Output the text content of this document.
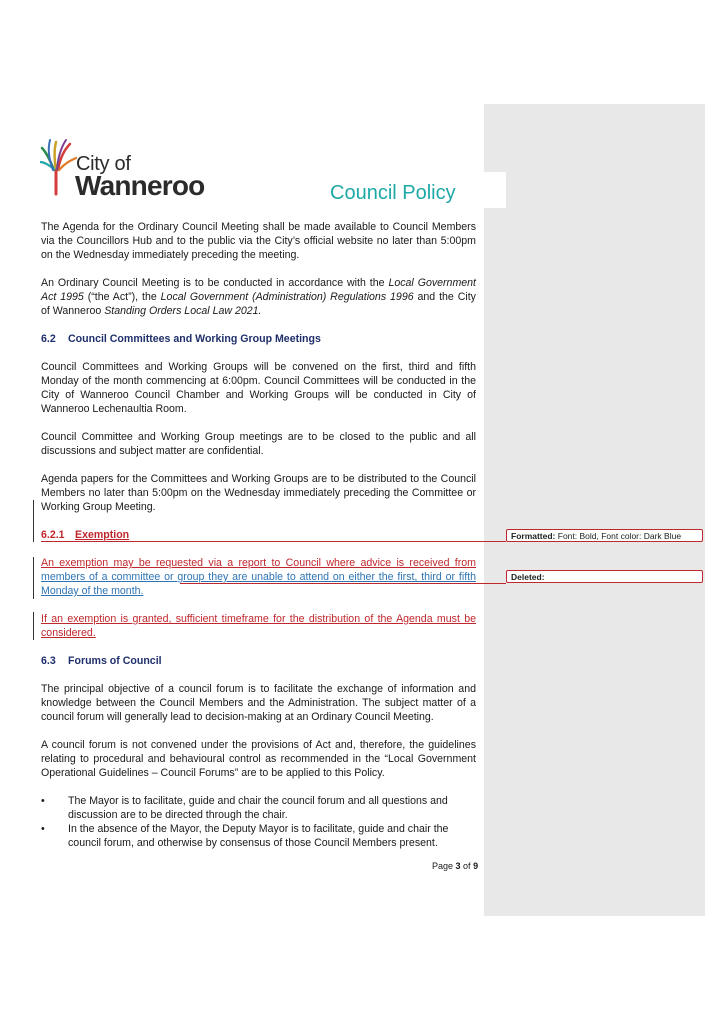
City of
Wanneroo	Council Policy

The Agenda for the Ordinary Council Meeting shall be made available to Council Members via the Councillors Hub and to the public via the City’s official website no later than 5:00pm on the Wednesday immediately preceding the meeting.

An Ordinary Council Meeting is to be conducted in accordance with the Local Government Act 1995 (“the Act”), the Local Government (Administration) Regulations 1996 and the City of Wanneroo Standing Orders Local Law 2021.

6.2 Council Committees and Working Group Meetings

Council Committees and Working Groups will be convened on the first, third and fifth Monday of the month commencing at 6:00pm. Council Committees will be conducted in the City of Wanneroo Council Chamber and Working Groups will be conducted in City of Wanneroo Lechenaultia Room.

Council Committee and Working Group meetings are to be closed to the public and all discussions and subject matter are confidential.

Agenda papers for the Committees and Working Groups are to be distributed to the Council Members no later than 5:00pm on the Wednesday immediately preceding the Committee or Working Group Meeting.

6.2.1 Exemption

An exemption may be requested via a report to Council where advice is received from members of a committee or group they are unable to attend on either the first, third or fifth Monday of the month.

If an exemption is granted, sufficient timeframe for the distribution of the Agenda must be considered.

6.3 Forums of Council

The principal objective of a council forum is to facilitate the exchange of information and knowledge between the Council Members and the Administration. The subject matter of a council forum will generally lead to decision-making at an Ordinary Council Meeting.

A council forum is not convened under the provisions of Act and, therefore, the guidelines relating to procedural and behavioural control as recommended in the “Local Government Operational Guidelines – Council Forums” are to be applied to this Policy.

• The Mayor is to facilitate, guide and chair the council forum and all questions and discussion are to be directed through the chair.
• In the absence of the Mayor, the Deputy Mayor is to facilitate, guide and chair the council forum, and otherwise by consensus of those Council Members present.
Formatted: Font: Bold, Font color: Dark Blue
Deleted:
Page 3 of 9
